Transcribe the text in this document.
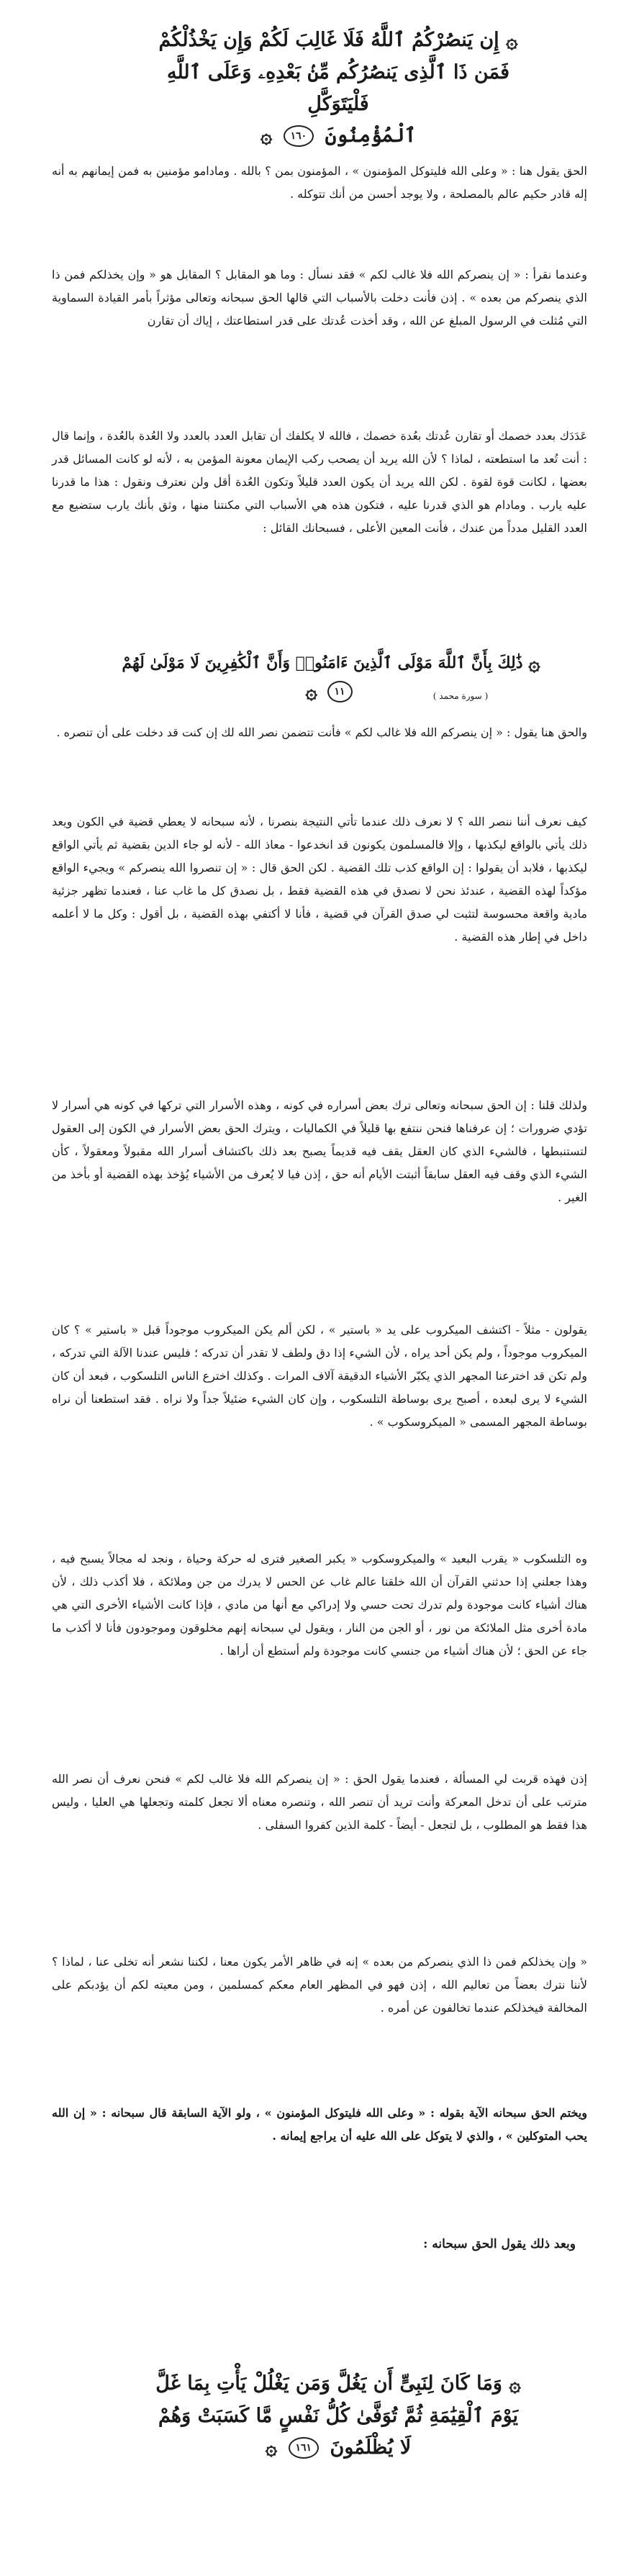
۞ إِن يَنصُرْكُمُ ٱللَّهُ فَلَا غَالِبَ لَكُمْ وَإِن يَخْذُلْكُمْ
فَمَن ذَا ٱلَّذِى يَنصُرُكُم مِّنۢ بَعْدِهِۦ وَعَلَى ٱللَّهِ فَلْيَتَوَكَّلِ
ٱلْمُؤْمِنُونَ ١٦٠ ۞
الحق يقول هنا : « وعلى الله فليتوكل المؤمنون » ، المؤمنون بمن ؟ بالله . ومادامو مؤمنين به فمن إيمانهم به أنه إله قادر حكيم عالم بالمصلحة ، ولا يوجد أحسن من أنك تتوكله .
وعندما نقرأ : « إن ينصركم الله فلا غالب لكم » فقد نسأل : وما هو المقابل ؟ المقابل هو « وإن يخذلكم فمن ذا الذي ينصركم من بعده » . إذن فأنت دخلت بالأسباب التي قالها الحق سبحانه وتعالى مؤثراً بأمر القيادة السماوية التي مُثلت في الرسول المبلغ عن الله ، وقد أخذت عُدتك على قدر استطاعتك ، إياك أن تقارن
عَدَدَك بعدد خصمك أو تقارن عُدتك بعُدة خصمك ، فالله لا يكلفك أن تقابل العدد بالعدد ولا العُدة بالعُدة ، وإنما قال : أنت تُعد ما استطعته ، لماذا ؟ لأن الله يريد أن يصحب ركب الإيمان معونة المؤمن به ، لأنه لو كانت المسائل قدر بعضها ، لكانت قوة لقوة . لكن الله يريد أن يكون العدد قليلاً وتكون العُدة أقل ولن نعترف ونقول : هذا ما قدرنا عليه يارب . ومادام هو الذي قدرنا عليه ، فتكون هذه هي الأسباب التي مكنتنا منها ، وثق بأنك يارب ستضيع مع العدد القليل مدداً من عندك ، فأنت المعين الأعلى ، فسبحانك القائل :
۞ ذَٰلِكَ بِأَنَّ ٱللَّهَ مَوْلَى ٱلَّذِينَ ءَامَنُوا۟ وَأَنَّ ٱلْكَٰفِرِينَ لَا مَوْلَىٰ لَهُمْ ١١ ۞	( سورة محمد )
والحق هنا يقول : « إن ينصركم الله فلا غالب لكم » فأنت تتضمن نصر الله لك إن كنت قد دخلت على أن تنصره .
كيف نعرف أننا ننصر الله ؟ لا نعرف ذلك عندما تأتي النتيجة بنصرنا ، لأنه سبحانه لا يعطي قضية في الكون ويعد ذلك يأتي بالواقع ليكذبها ، وإلا فالمسلمون يكونون قد انخدعوا - معاذ الله - لأنه لو جاء الدين بقضية ثم يأتي الواقع ليكذبها ، فلابد أن يقولوا : إن الواقع كذب تلك القضية . لكن الحق قال : « إن تنصروا الله ينصركم » ويجيء الواقع مؤكداً لهذه القضية ، عندئذ نحن لا نصدق في هذه القضية فقط ، بل نصدق كل ما غاب عنا ، فعندما تظهر جزئية مادية واقعة محسوسة لتثبت لي صدق القرآن في قضية ، فأنا لا أكتفي بهذه القضية ، بل أقول : وكل ما لا أعلمه داخل في إطار هذه القضية .
ولذلك قلنا : إن الحق سبحانه وتعالى ترك بعض أسراره في كونه ، وهذه الأسرار التي تركها في كونه هي أسرار لا تؤدي ضرورات ؛ إن عرفناها فنحن ننتفع بها قليلاً في الكماليات ، ويترك الحق بعض الأسرار في الكون إلى العقول لتستنبطها ، فالشيء الذي كان العقل يقف فيه قديماً يصبح بعد ذلك باكتشاف أسرار الله مقبولاً ومعقولاً ، كأن الشيء الذي وقف فيه العقل سابقاً أثبتت الأيام أنه حق ، إذن فيا لا يُعرف من الأشياء يُؤخذ بهذه القضية أو بأخذ من الغير .
يقولون - مثلاً - اكتشف الميكروب على يد « باستير » ، لكن ألم يكن الميكروب موجوداً قبل « باستير » ؟ كان الميكروب موجوداً ، ولم يكن أحد يراه ، لأن الشيء إذا دق ولطف لا تقدر أن تدركه ؛ فليس عندنا الآلة التي تدركه ، ولم تكن قد اخترعنا المجهر الذي يكبّر الأشياء الدقيقة آلاف المرات . وكذلك اخترع الناس التلسكوب ، فبعد أن كان الشيء لا يرى لبعده ، أصبح يرى بوساطة التلسكوب ، وإن كان الشيء ضئيلاً جداً ولا نراه . فقد استطعنا أن نراه بوساطة المجهر المسمى « الميكروسكوب » .
وه التلسكوب « يقرب البعيد » والميكروسكوب « يكبر الصغير فترى له حركة وحياة ، ونجد له مجالاً يسبح فيه ، وهذا جعلني إذا حدثني القرآن أن الله خلقنا عالم غاب عن الحس لا يدرك من جن وملائكة ، فلا أكذب ذلك ، لأن هناك أشياء كانت موجودة ولم تدرك تحت حسي ولا إدراكي مع أنها من مادي ، فإذا كانت الأشياء الأخرى التي هي مادة أخرى مثل الملائكة من نور ، أو الجن من النار ، ويقول لي سبحانه إنهم مخلوقون وموجودون فأنا لا أكذب ما جاء عن الحق ؛ لأن هناك أشياء من جنسي كانت موجودة ولم أستطع أن أراها .
إذن فهذه قربت لي المسألة ، فعندما يقول الحق : « إن ينصركم الله فلا غالب لكم » فنحن نعرف أن نصر الله مترتب على أن تدخل المعركة وأنت تريد أن تنصر الله ، وتنصره معناه ألا تجعل كلمته وتجعلها هي العليا ، وليس هذا فقط هو المطلوب ، بل لتجعل - أيضاً - كلمة الذين كفروا السفلى .
« وإن يخذلكم فمن ذا الذي ينصركم من بعده » إنه في ظاهر الأمر يكون معنا ، لكننا نشعر أنه تخلى عنا ، لماذا ؟ لأننا نترك بعضاً من تعاليم الله ، إذن فهو في المظهر العام معكم كمسلمين ، ومن معيته لكم أن يؤدبكم على المخالفة فيخذلكم عندما تخالفون عن أمره .
ويختم الحق سبحانه الآية بقوله : « وعلى الله فليتوكل المؤمنون » ، ولو الآية السابقة قال سبحانه : « إن الله يحب المتوكلين » ، والذي لا يتوكل على الله عليه أن يراجع إيمانه .
وبعد ذلك يقول الحق سبحانه :
۞ وَمَا كَانَ لِنَبِىٍّ أَن يَغُلَّ وَمَن يَغْلُلْ يَأْتِ بِمَا غَلَّ
يَوْمَ ٱلْقِيَٰمَةِ ثُمَّ تُوَفَّىٰ كُلُّ نَفْسٍ مَّا كَسَبَتْ وَهُمْ
لَا يُظْلَمُونَ ١٦١ ۞
